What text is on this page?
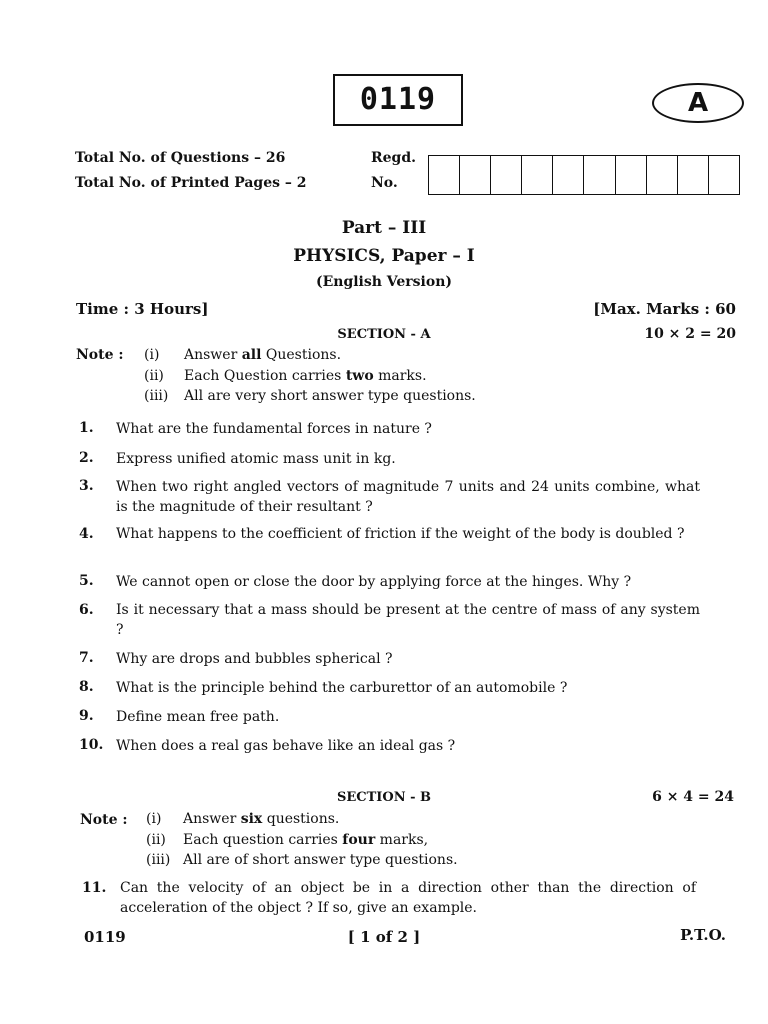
0119	A
Total No. of Questions – 26
Total No. of Printed Pages – 2
Regd.
No.
Part – III
PHYSICS, Paper – I
(English Version)
Time : 3 Hours]	[Max. Marks : 60
SECTION - A	10 × 2 = 20
Note : (i) Answer all Questions.
(ii) Each Question carries two marks.
(iii) All are very short answer type questions.
1. What are the fundamental forces in nature ?
2. Express unified atomic mass unit in kg.
3. When two right angled vectors of magnitude 7 units and 24 units combine, what is the magnitude of their resultant ?
4. What happens to the coefficient of friction if the weight of the body is doubled ?
5. We cannot open or close the door by applying force at the hinges. Why ?
6. Is it necessary that a mass should be present at the centre of mass of any system ?
7. Why are drops and bubbles spherical ?
8. What is the principle behind the carburettor of an automobile ?
9. Define mean free path.
10. When does a real gas behave like an ideal gas ?
SECTION - B	6 × 4 = 24
Note : (i) Answer six questions.
(ii) Each question carries four marks,
(iii) All are of short answer type questions.
11. Can the velocity of an object be in a direction other than the direction of acceleration of the object ? If so, give an example.
0119	[ 1 of 2 ]	P.T.O.
